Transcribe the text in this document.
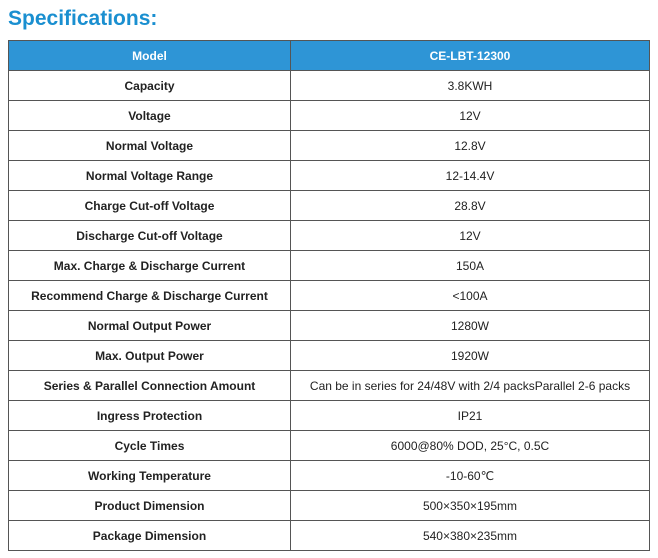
Specifications:
Model	CE-LBT-12300
Capacity	3.8KWH
Voltage	12V
Normal Voltage	12.8V
Normal Voltage Range	12-14.4V
Charge Cut-off Voltage	28.8V
Discharge Cut-off Voltage	12V
Max. Charge & Discharge Current	150A
Recommend Charge & Discharge Current	<100A
Normal Output Power	1280W
Max. Output Power	1920W
Series & Parallel Connection Amount	Can be in series for 24/48V with 2/4 packsParallel 2-6 packs
Ingress Protection	IP21
Cycle Times	6000@80% DOD, 25°C, 0.5C
Working Temperature	-10-60℃
Product Dimension	500×350×195mm
Package Dimension	540×380×235mm
